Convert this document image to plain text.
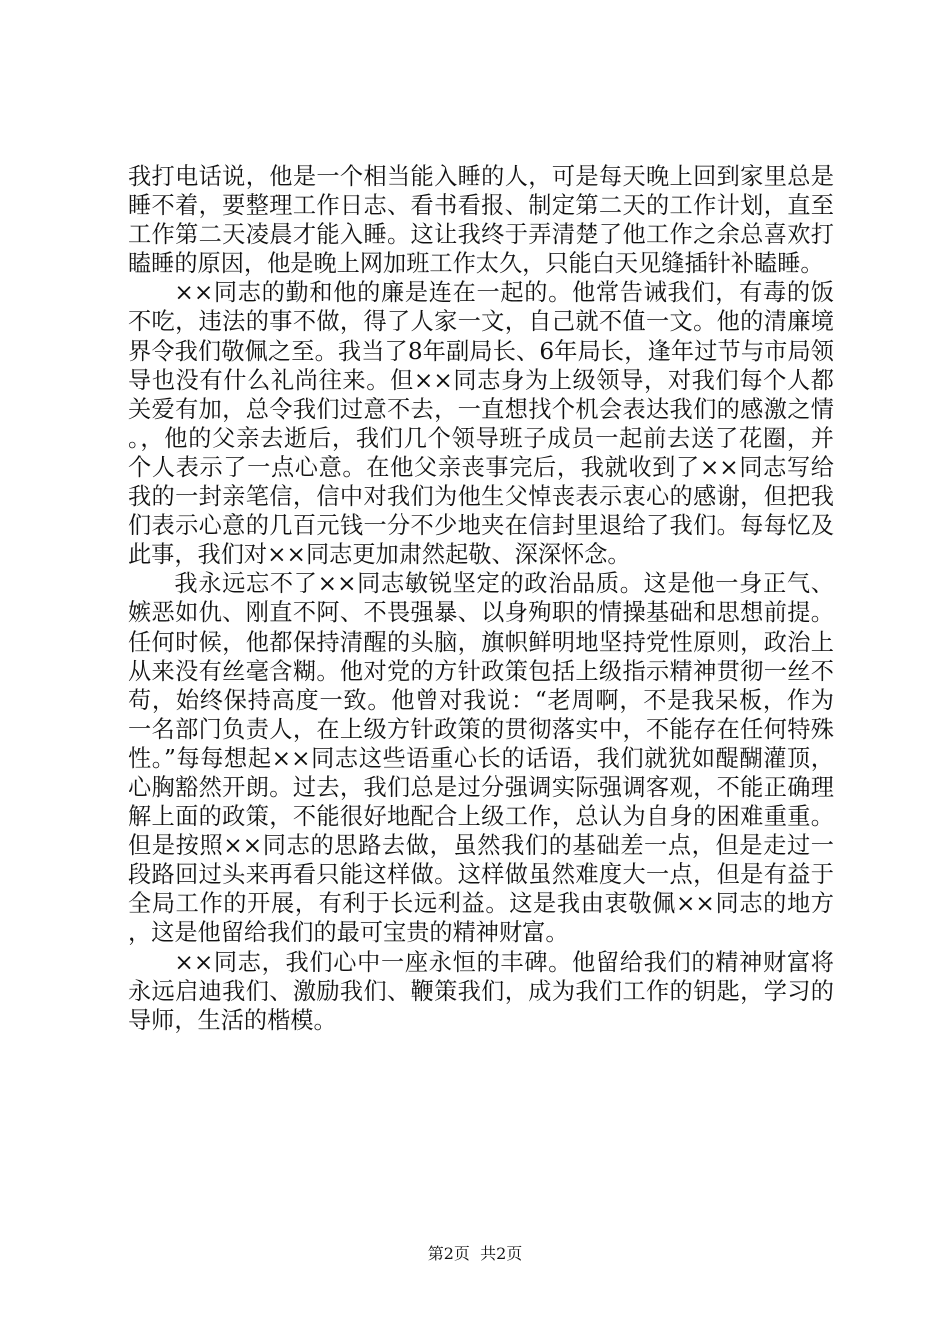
我打电话说，他是一个相当能入睡的人，可是每天晚上回到家里总是睡不着，要整理工作日志、看书看报、制定第二天的工作计划，直至工作第二天凌晨才能入睡。这让我终于弄清楚了他工作之余总喜欢打瞌睡的原因，他是晚上网加班工作太久，只能白天见缝插针补瞌睡。

××同志的勤和他的廉是连在一起的。他常告诫我们，有毒的饭不吃，违法的事不做，得了人家一文，自己就不值一文。他的清廉境界令我们敬佩之至。我当了8年副局长、6年局长，逢年过节与市局领导也没有什么礼尚往来。但××同志身为上级领导，对我们每个人都关爱有加，总令我们过意不去，一直想找个机会表达我们的感激之情。，他的父亲去逝后，我们几个领导班子成员一起前去送了花圈，并个人表示了一点心意。在他父亲丧事完后，我就收到了××同志写给我的一封亲笔信，信中对我们为他生父悼丧表示衷心的感谢，但把我们表示心意的几百元钱一分不少地夹在信封里退给了我们。每每忆及此事，我们对××同志更加肃然起敬、深深怀念。

我永远忘不了××同志敏锐坚定的政治品质。这是他一身正气、嫉恶如仇、刚直不阿、不畏强暴、以身殉职的情操基础和思想前提。任何时候，他都保持清醒的头脑，旗帜鲜明地坚持党性原则，政治上从来没有丝毫含糊。他对党的方针政策包括上级指示精神贯彻一丝不苟，始终保持高度一致。他曾对我说：“老周啊，不是我呆板，作为一名部门负责人，在上级方针政策的贯彻落实中，不能存在任何特殊性。”每每想起××同志这些语重心长的话语，我们就犹如醍醐灌顶，心胸豁然开朗。过去，我们总是过分强调实际强调客观，不能正确理解上面的政策，不能很好地配合上级工作，总认为自身的困难重重。但是按照××同志的思路去做，虽然我们的基础差一点，但是走过一段路回过头来再看只能这样做。这样做虽然难度大一点，但是有益于全局工作的开展，有利于长远利益。这是我由衷敬佩××同志的地方，这是他留给我们的最可宝贵的精神财富。

××同志，我们心中一座永恒的丰碑。他留给我们的精神财富将永远启迪我们、激励我们、鞭策我们，成为我们工作的钥匙，学习的导师，生活的楷模。

第2页 共2页
